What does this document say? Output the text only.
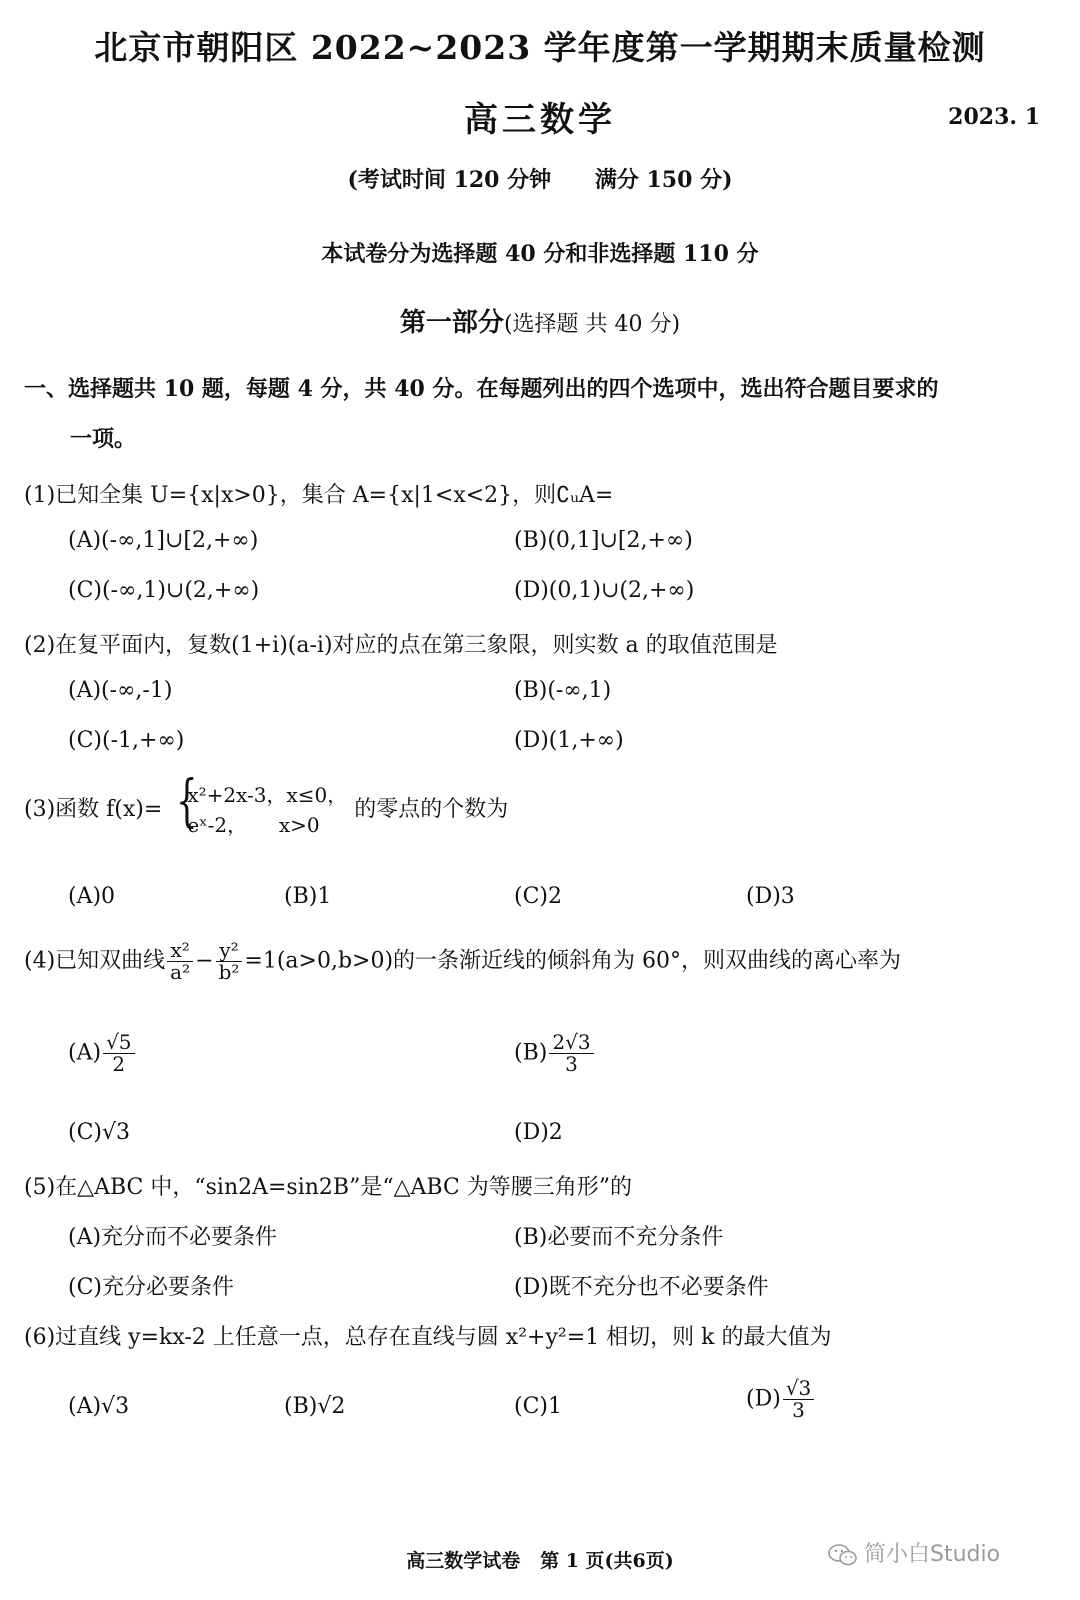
北京市朝阳区 2022~2023 学年度第一学期期末质量检测
高三数学	2023. 1
(考试时间 120 分钟 满分 150 分)
本试卷分为选择题 40 分和非选择题 110 分
第一部分(选择题 共 40 分)
一、选择题共 10 题，每题 4 分，共 40 分。在每题列出的四个选项中，选出符合题目要求的
一项。
(1)已知全集 U={x|x>0}，集合 A={x|1<x<2}，则∁ᵤA=
(A)(-∞,1]∪[2,+∞)	(B)(0,1]∪[2,+∞)
(C)(-∞,1)∪(2,+∞)	(D)(0,1)∪(2,+∞)
(2)在复平面内，复数(1+i)(a-i)对应的点在第三象限，则实数 a 的取值范围是
(A)(-∞,-1)	(B)(-∞,1)
(C)(-1,+∞)	(D)(1,+∞)
(3)函数 f(x)= {
x²+2x-3，x≤0，
eˣ-2，     x>0
的零点的个数为
(A)0	(B)1	(C)2	(D)3
(4)已知双曲线 $\frac{\text{x²}}{\text{a²}} - \frac{\text{y²}}{\text{b²}} =1(a>0,b>0)$的一条渐近线的倾斜角为 60°，则双曲线的离心率为
$(A) \frac{√5}{2}$	$(B) \frac{2√3}{3}$
(C)√3	(D)2
(5)在△ABC 中，“sin2A=sin2B”是“△ABC 为等腰三角形”的
(A)充分而不必要条件	(B)必要而不充分条件
(C)充分必要条件	(D)既不充分也不必要条件
(6)过直线 y=kx-2 上任意一点，总存在直线与圆 x²+y²=1 相切，则 k 的最大值为
(A)√3	(B)√2	(C)1	$(D) \frac{√3}{3}$
高三数学试卷   第 1 页(共6页)	简小白Studio
